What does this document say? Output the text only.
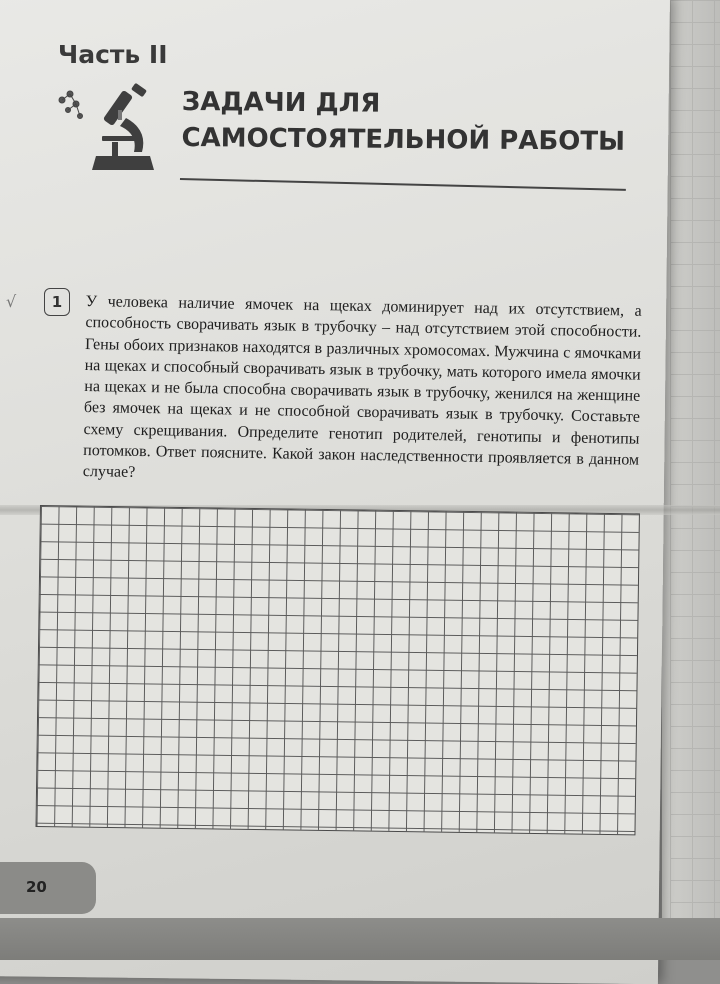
Часть II
ЗАДАЧИ ДЛЯ САМОСТОЯТЕЛЬНОЙ РАБОТЫ
√	1	У человека наличие ямочек на щеках доминирует над их отсутствием, а способность сворачивать язык в трубочку – над отсутствием этой способности. Гены обоих признаков находятся в различных хромосомах. Мужчина с ямочками на щеках и способный сворачивать язык в трубочку, мать которого имела ямочки на щеках и не была способна сворачивать язык в трубочку, женился на женщине без ямочек на щеках и не способной сворачивать язык в трубочку. Составьте схему скрещивания. Определите генотип родителей, генотипы и фенотипы потомков. Ответ поясните. Какой закон наследственности проявляется в данном случае?
20
